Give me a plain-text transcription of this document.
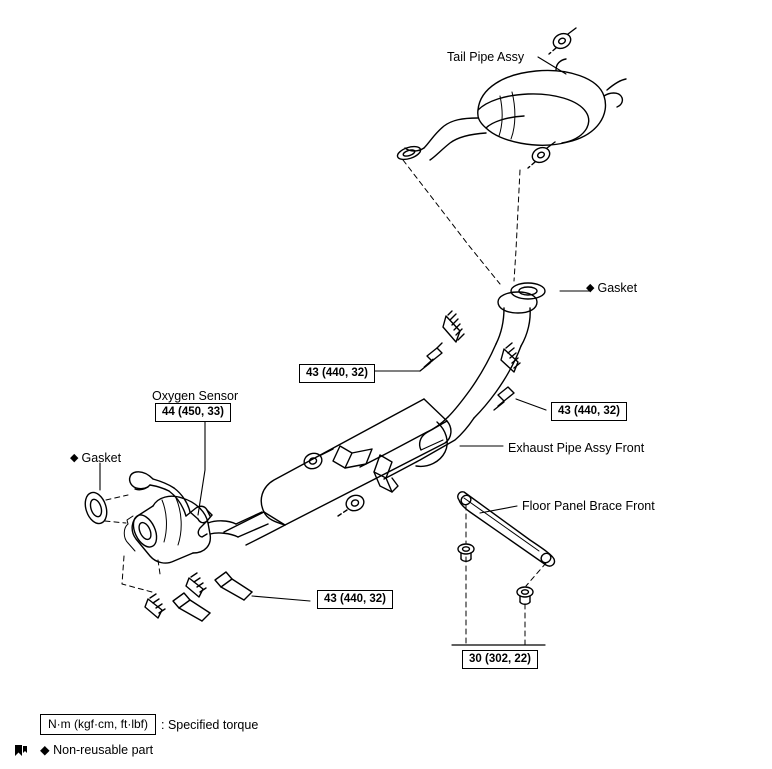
Tail Pipe Assy
◆ Gasket
Oxygen Sensor
◆ Gasket
Exhaust Pipe Assy Front
Floor Panel Brace Front
44 (450, 33)
43 (440, 32)
43 (440, 32)
43 (440, 32)
30 (302, 22)
N·m (kgf·cm, ft·lbf)	: Specified torque
◆ Non-reusable part
